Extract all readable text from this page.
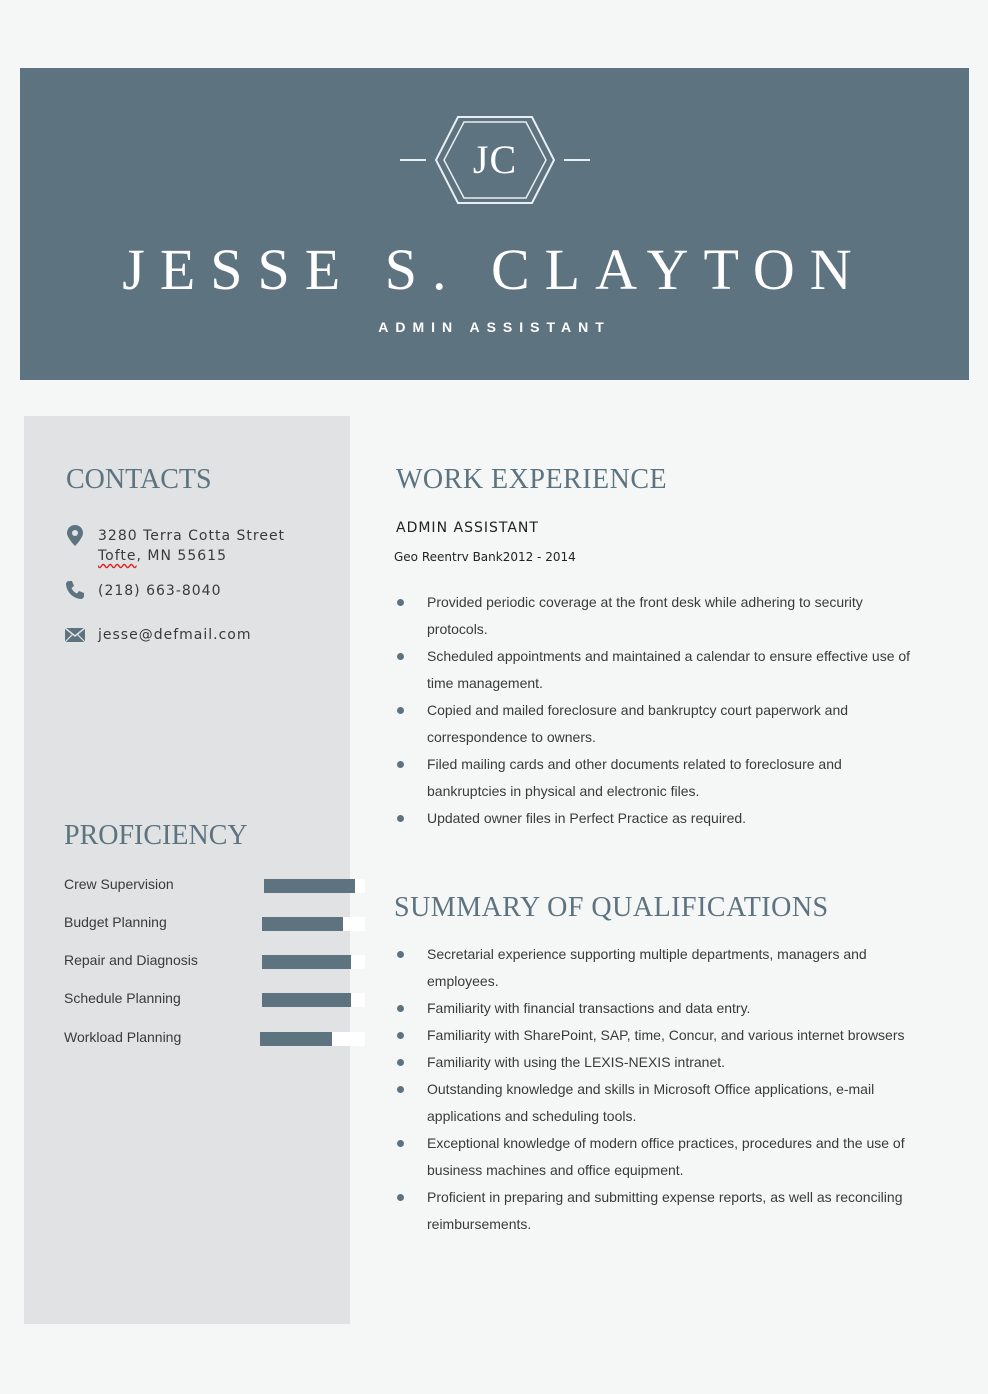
JC
JESSE S. CLAYTON
ADMIN ASSISTANT
CONTACTS
3280 Terra Cotta Street
Tofte, MN 55615
(218) 663-8040
jesse@defmail.com
PROFICIENCY
Crew Supervision
Budget Planning
Repair and Diagnosis
Schedule Planning
Workload Planning
WORK EXPERIENCE
ADMIN ASSISTANT
Geo Reentrv Bank2012 - 2014
Provided periodic coverage at the front desk while adhering to security protocols.
Scheduled appointments and maintained a calendar to ensure effective use of time management.
Copied and mailed foreclosure and bankruptcy court paperwork and correspondence to owners.
Filed mailing cards and other documents related to foreclosure and bankruptcies in physical and electronic files.
Updated owner files in Perfect Practice as required.
SUMMARY OF QUALIFICATIONS
Secretarial experience supporting multiple departments, managers and employees.
Familiarity with financial transactions and data entry.
Familiarity with SharePoint, SAP, time, Concur, and various internet browsers
Familiarity with using the LEXIS-NEXIS intranet.
Outstanding knowledge and skills in Microsoft Office applications, e-mail applications and scheduling tools.
Exceptional knowledge of modern office practices, procedures and the use of business machines and office equipment.
Proficient in preparing and submitting expense reports, as well as reconciling reimbursements.
